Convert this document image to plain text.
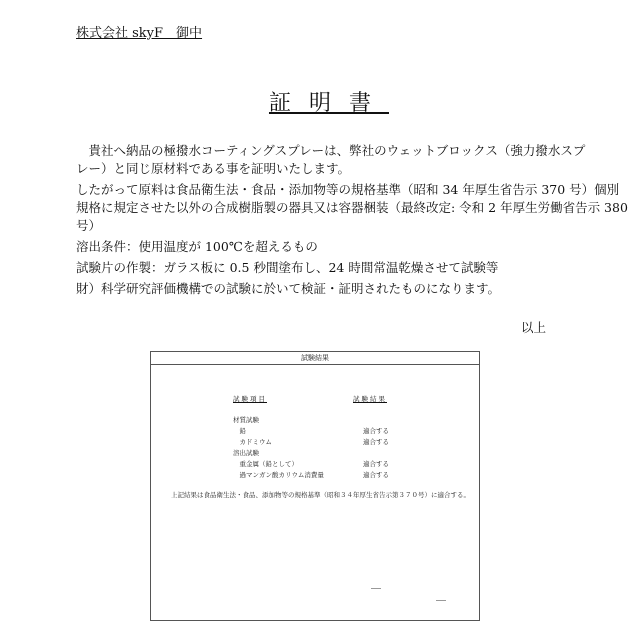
株式会社 skyF　御中
証明書
　貴社へ納品の極撥水コーティングスプレーは、弊社のウェットブロックス（強力撥水スプ
レー）と同じ原材料である事を証明いたします。
したがって原料は食品衛生法・食品・添加物等の規格基準（昭和 34 年厚生省告示 370 号）個別
規格に規定させた以外の合成樹脂製の器具又は容器梱装（最終改定: 令和 2 年厚生労働省告示 380
号）
溶出条件：使用温度が 100℃を超えるもの
試験片の作製：ガラス板に 0.5 秒間塗布し、24 時間常温乾燥させて試験等
財）科学研究評価機構での試験に於いて検証・証明されたものになります。
以上
試験結果
試験項目	試験結果
材質試験
　鉛	適合する
　カドミウム	適合する
溶出試験
　重金属（鉛として）	適合する
　過マンガン酸カリウム消費量	適合する
上記結果は食品衛生法・食品、添加物等の規格基準（昭和３４年厚生省告示第３７０号）に適合する。
